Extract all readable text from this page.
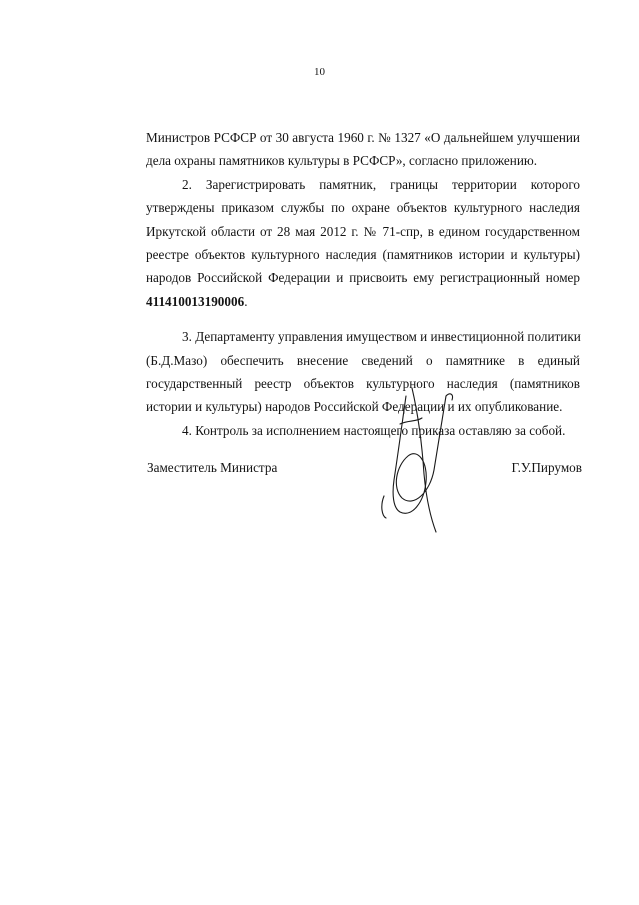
10

Министров РСФСР от 30 августа 1960 г. № 1327 «О дальнейшем улучшении
дела охраны памятников культуры в РСФСР», согласно приложению.

2. Зарегистрировать памятник, границы территории которого
утверждены приказом службы по охране объектов культурного наследия
Иркутской области от 28 мая 2012 г. № 71-спр, в едином государственном
реестре объектов культурного наследия (памятников истории и культуры)
народов Российской Федерации и присвоить ему регистрационный номер
411410013190006.

3. Департаменту управления имуществом и инвестиционной политики
(Б.Д.Мазо) обеспечить внесение сведений о памятнике в единый
государственный реестр объектов культурного наследия (памятников
истории и культуры) народов Российской Федерации и их опубликование.

4. Контроль за исполнением настоящего приказа оставляю за собой.

Заместитель Министра	Г.У.Пирумов
